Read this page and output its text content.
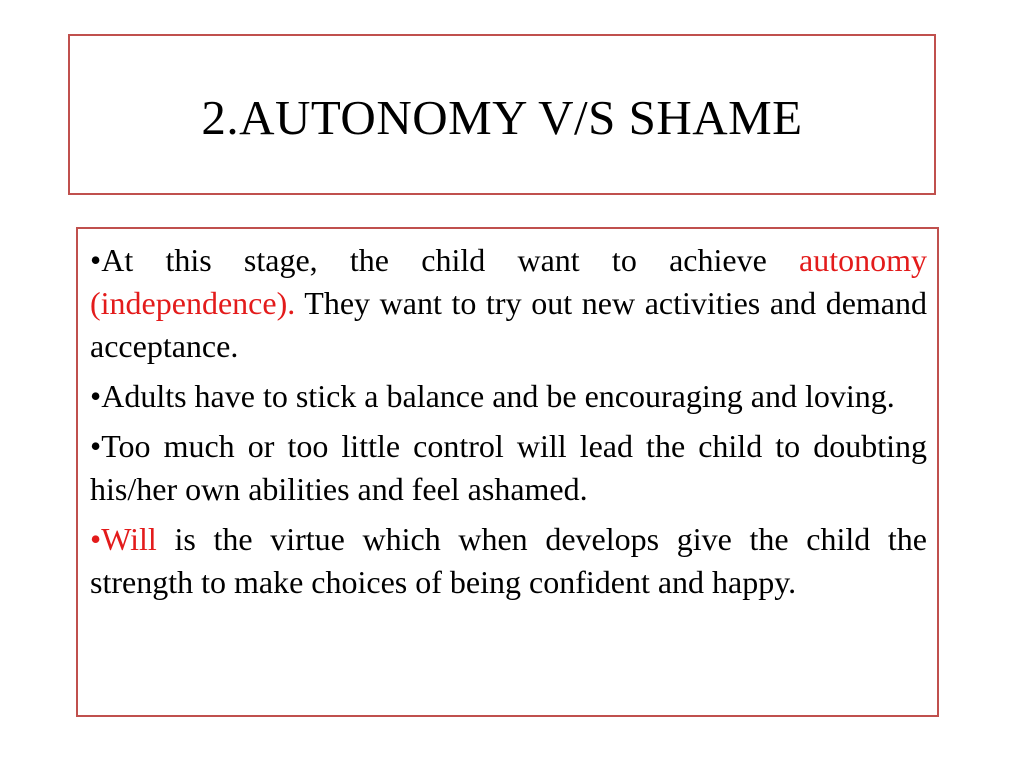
2.AUTONOMY V/S SHAME

•At this stage, the child want to achieve autonomy (independence). They want to try out new activities and demand acceptance.

•Adults have to stick a balance and be encouraging and loving.

•Too much or too little control will lead the child to doubting his/her own abilities and feel ashamed.

•Will is the virtue which when develops give the child the strength to make choices of being confident and happy.
